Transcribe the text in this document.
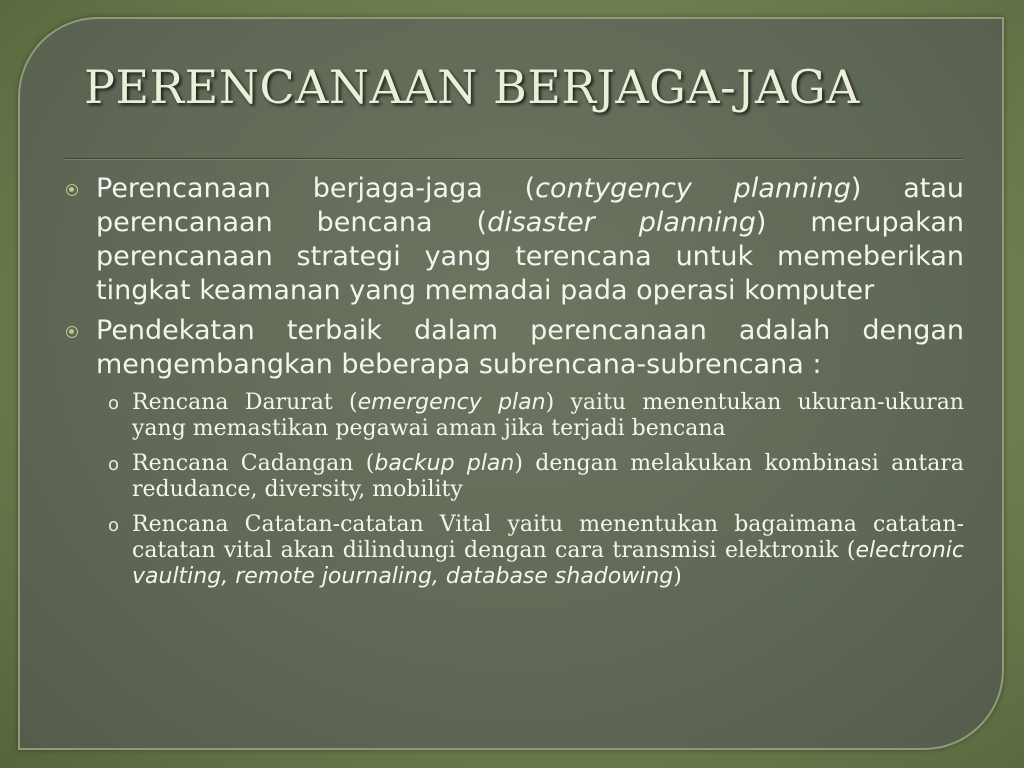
PERENCANAAN BERJAGA-JAGA
Perencanaan berjaga-jaga (contygency planning) atau perencanaan bencana (disaster planning) merupakan perencanaan strategi yang terencana untuk memeberikan tingkat keamanan yang memadai pada operasi komputer
Pendekatan terbaik dalam perencanaan adalah dengan mengembangkan beberapa subrencana-subrencana :
o Rencana Darurat (emergency plan) yaitu menentukan ukuran-ukuran yang memastikan pegawai aman jika terjadi bencana
o Rencana Cadangan (backup plan) dengan melakukan kombinasi antara redudance, diversity, mobility
o Rencana Catatan-catatan Vital yaitu menentukan bagaimana catatan-catatan vital akan dilindungi dengan cara transmisi elektronik (electronic vaulting, remote journaling, database shadowing)
